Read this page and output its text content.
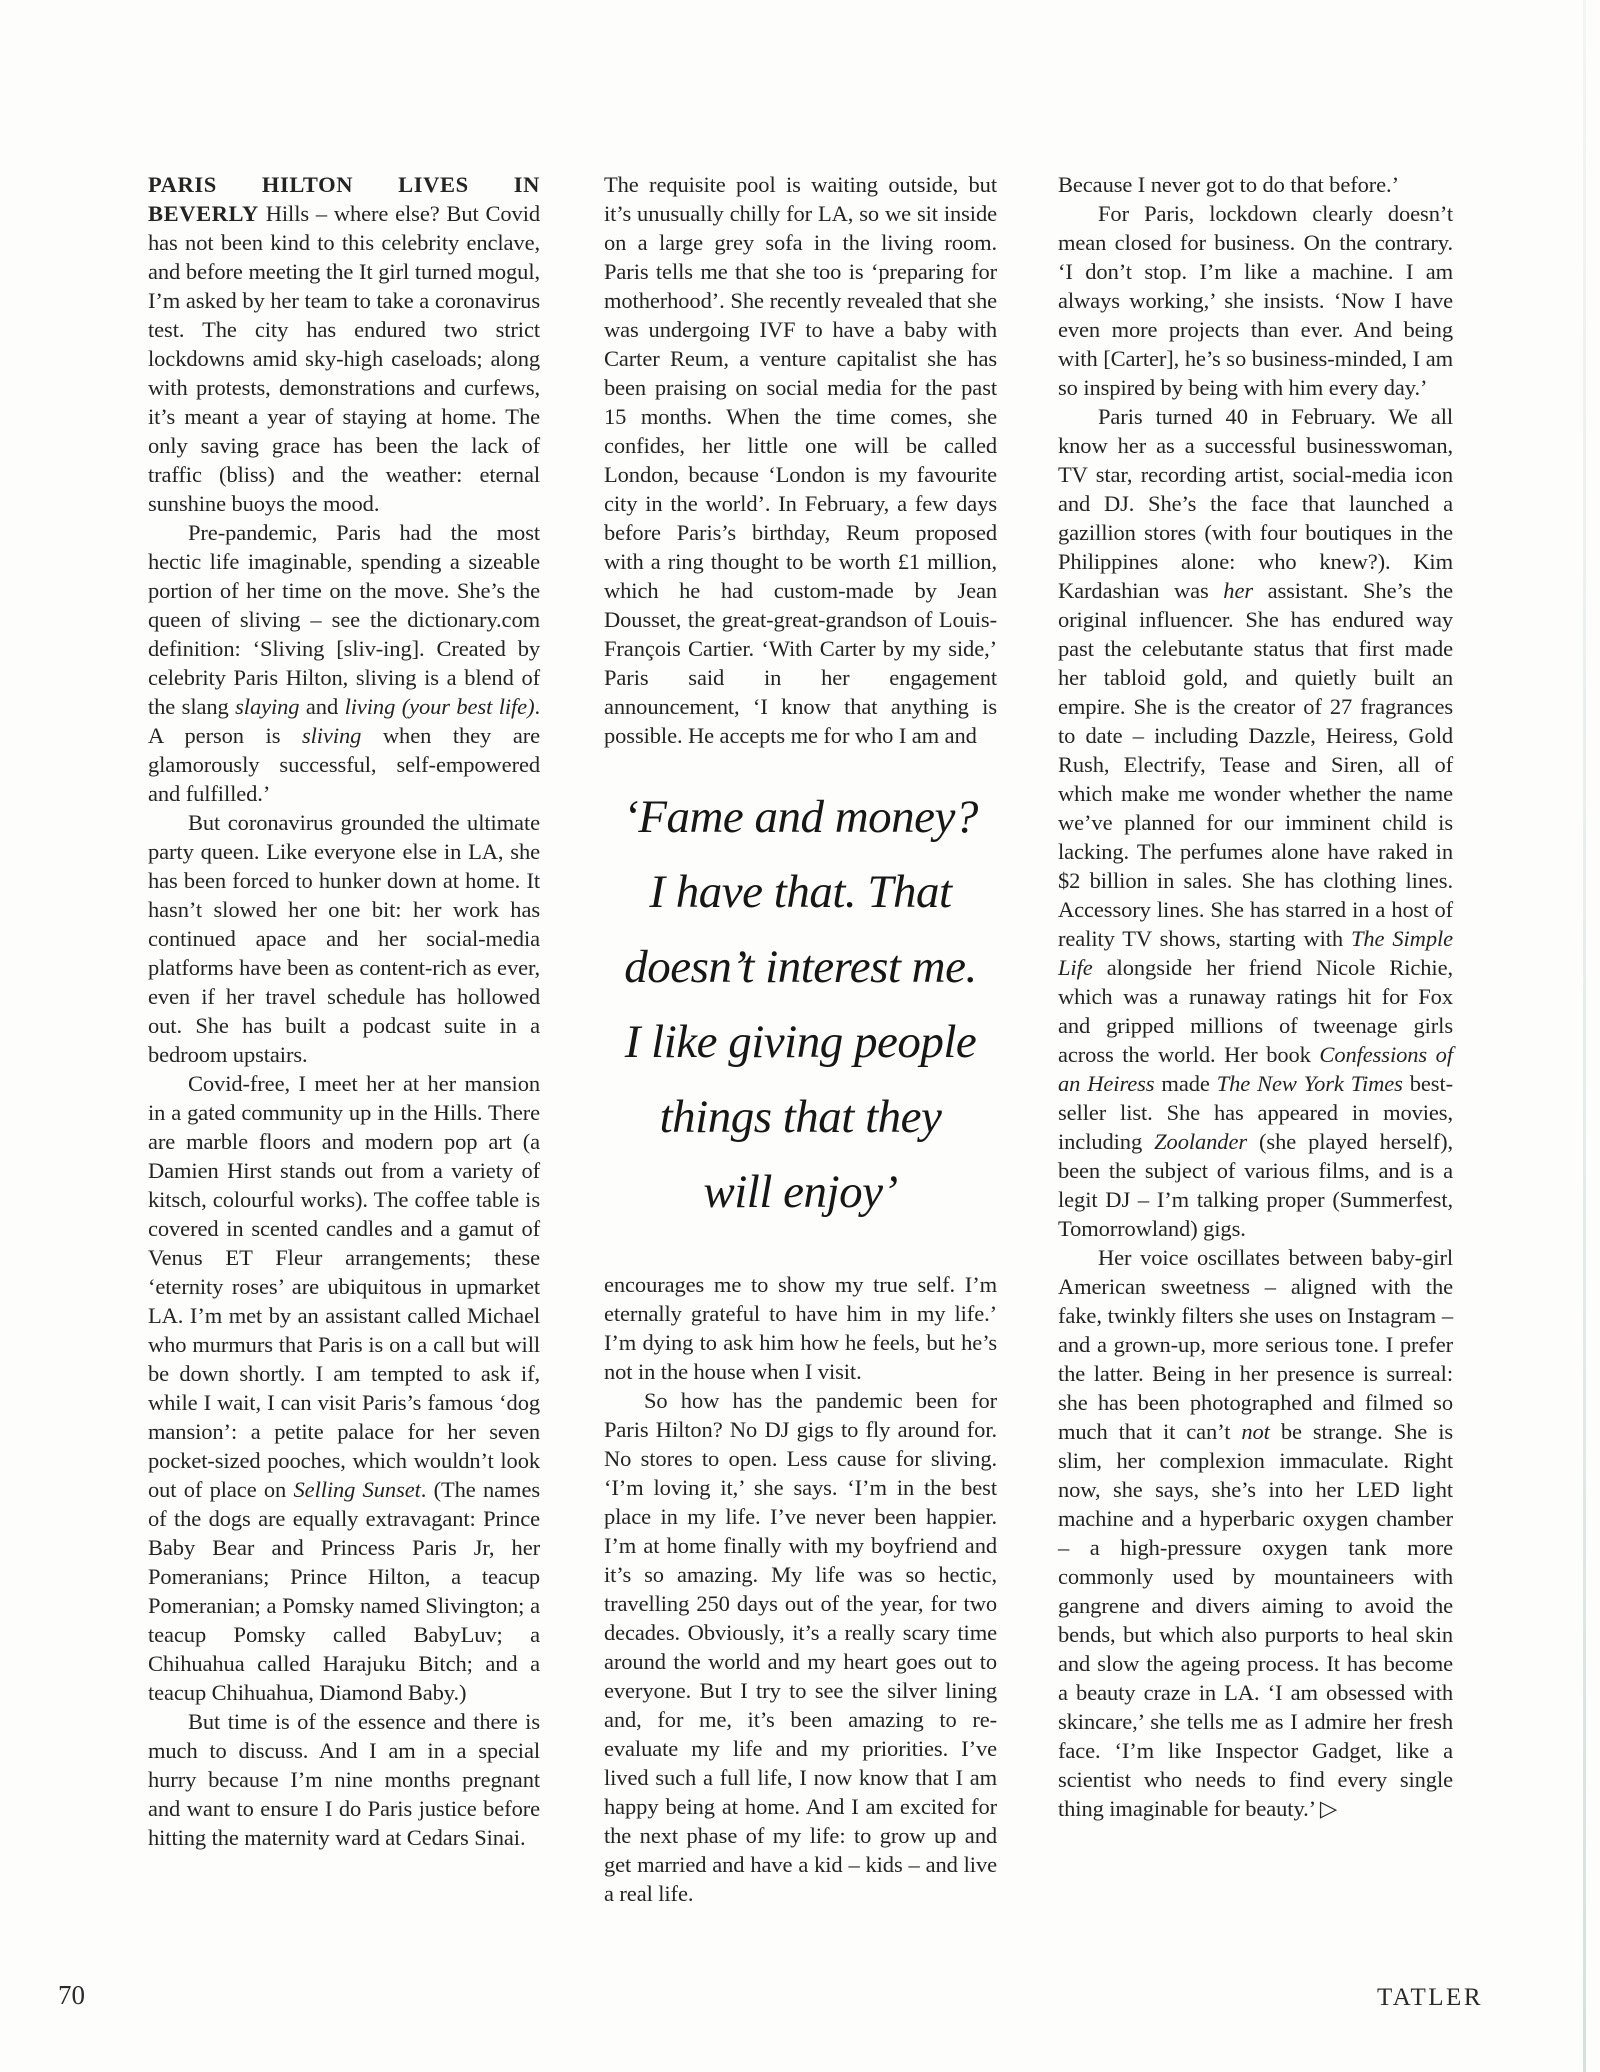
PARIS HILTON LIVES IN BEVERLY Hills – where else? But Covid has not been kind to this celebrity enclave, and before meeting the It girl turned mogul, I’m asked by her team to take a coronavirus test. The city has endured two strict lockdowns amid sky-high caseloads; along with protests, demonstrations and curfews, it’s meant a year of staying at home. The only saving grace has been the lack of traffic (bliss) and the weather: eternal sunshine buoys the mood.

Pre-pandemic, Paris had the most hectic life imaginable, spending a sizeable portion of her time on the move. She’s the queen of sliving – see the dictionary.com definition: ‘Sliving [sliv-ing]. Created by celebrity Paris Hilton, sliving is a blend of the slang slaying and living (your best life). A person is sliving when they are glamorously successful, self-empowered and fulfilled.’

But coronavirus grounded the ultimate party queen. Like everyone else in LA, she has been forced to hunker down at home. It hasn’t slowed her one bit: her work has continued apace and her social-media platforms have been as content-rich as ever, even if her travel schedule has hollowed out. She has built a podcast suite in a bedroom upstairs.

Covid-free, I meet her at her mansion in a gated community up in the Hills. There are marble floors and modern pop art (a Damien Hirst stands out from a variety of kitsch, colourful works). The coffee table is covered in scented candles and a gamut of Venus ET Fleur arrangements; these ‘eternity roses’ are ubiquitous in upmarket LA. I’m met by an assistant called Michael who murmurs that Paris is on a call but will be down shortly. I am tempted to ask if, while I wait, I can visit Paris’s famous ‘dog mansion’: a petite palace for her seven pocket-sized pooches, which wouldn’t look out of place on Selling Sunset. (The names of the dogs are equally extravagant: Prince Baby Bear and Princess Paris Jr, her Pomeranians; Prince Hilton, a teacup Pomeranian; a Pomsky named Slivington; a teacup Pomsky called BabyLuv; a Chihuahua called Harajuku Bitch; and a teacup Chihuahua, Diamond Baby.)

But time is of the essence and there is much to discuss. And I am in a special hurry because I’m nine months pregnant and want to ensure I do Paris justice before hitting the maternity ward at Cedars Sinai.

The requisite pool is waiting outside, but it’s unusually chilly for LA, so we sit inside on a large grey sofa in the living room. Paris tells me that she too is ‘preparing for motherhood’. She recently revealed that she was undergoing IVF to have a baby with Carter Reum, a venture capitalist she has been praising on social media for the past 15 months. When the time comes, she confides, her little one will be called London, because ‘London is my favourite city in the world’. In February, a few days before Paris’s birthday, Reum proposed with a ring thought to be worth £1 million, which he had custom-made by Jean Dousset, the great-great-grandson of Louis-François Cartier. ‘With Carter by my side,’ Paris said in her engagement announcement, ‘I know that anything is possible. He accepts me for who I am and

‘Fame and money?
I have that. That
doesn’t interest me.
I like giving people
things that they
will enjoy’

encourages me to show my true self. I’m eternally grateful to have him in my life.’ I’m dying to ask him how he feels, but he’s not in the house when I visit.

So how has the pandemic been for Paris Hilton? No DJ gigs to fly around for. No stores to open. Less cause for sliving. ‘I’m loving it,’ she says. ‘I’m in the best place in my life. I’ve never been happier. I’m at home finally with my boyfriend and it’s so amazing. My life was so hectic, travelling 250 days out of the year, for two decades. Obviously, it’s a really scary time around the world and my heart goes out to everyone. But I try to see the silver lining and, for me, it’s been amazing to re-evaluate my life and my priorities. I’ve lived such a full life, I now know that I am happy being at home. And I am excited for the next phase of my life: to grow up and get married and have a kid – kids – and live a real life.

Because I never got to do that before.’

For Paris, lockdown clearly doesn’t mean closed for business. On the contrary. ‘I don’t stop. I’m like a machine. I am always working,’ she insists. ‘Now I have even more projects than ever. And being with [Carter], he’s so business-minded, I am so inspired by being with him every day.’

Paris turned 40 in February. We all know her as a successful businesswoman, TV star, recording artist, social-media icon and DJ. She’s the face that launched a gazillion stores (with four boutiques in the Philippines alone: who knew?). Kim Kardashian was her assistant. She’s the original influencer. She has endured way past the celebutante status that first made her tabloid gold, and quietly built an empire. She is the creator of 27 fragrances to date – including Dazzle, Heiress, Gold Rush, Electrify, Tease and Siren, all of which make me wonder whether the name we’ve planned for our imminent child is lacking. The perfumes alone have raked in $2 billion in sales. She has clothing lines. Accessory lines. She has starred in a host of reality TV shows, starting with The Simple Life alongside her friend Nicole Richie, which was a runaway ratings hit for Fox and gripped millions of tweenage girls across the world. Her book Confessions of an Heiress made The New York Times best-seller list. She has appeared in movies, including Zoolander (she played herself), been the subject of various films, and is a legit DJ – I’m talking proper (Summerfest, Tomorrowland) gigs.

Her voice oscillates between baby-girl American sweetness – aligned with the fake, twinkly filters she uses on Instagram – and a grown-up, more serious tone. I prefer the latter. Being in her presence is surreal: she has been photographed and filmed so much that it can’t not be strange. She is slim, her complexion immaculate. Right now, she says, she’s into her LED light machine and a hyperbaric oxygen chamber – a high-pressure oxygen tank more commonly used by mountaineers with gangrene and divers aiming to avoid the bends, but which also purports to heal skin and slow the ageing process. It has become a beauty craze in LA. ‘I am obsessed with skincare,’ she tells me as I admire her fresh face. ‘I’m like Inspector Gadget, like a scientist who needs to find every single thing imaginable for beauty.’ ▷

70	TATLER
